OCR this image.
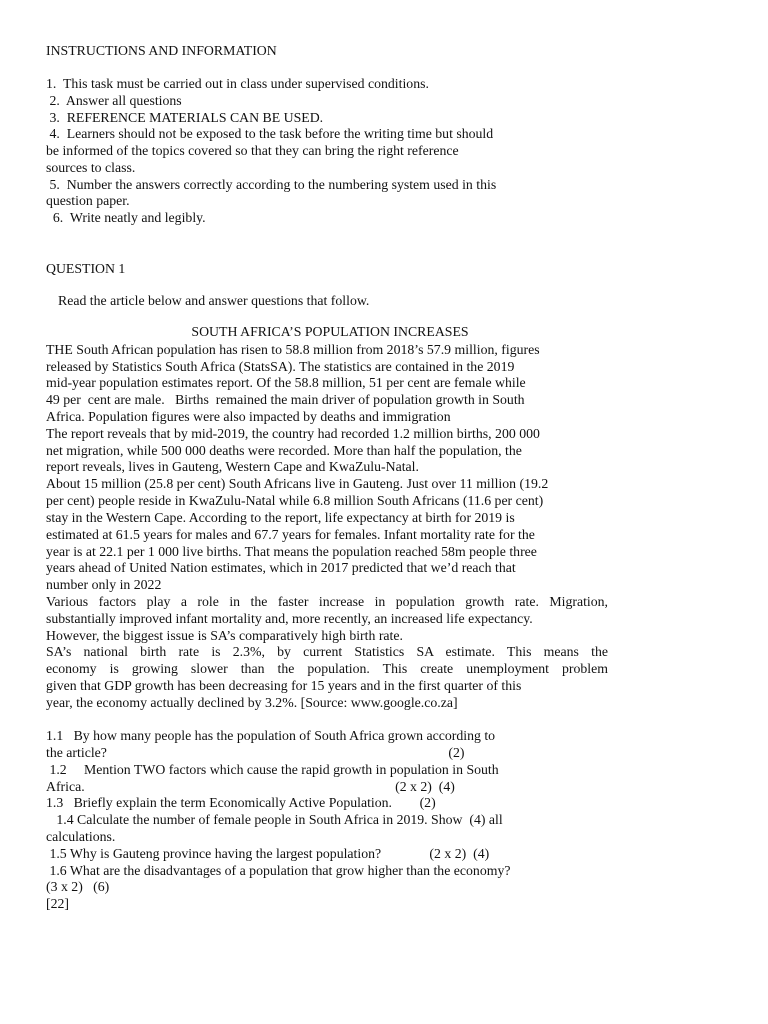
INSTRUCTIONS AND INFORMATION
1.  This task must be carried out in class under supervised conditions.
2.  Answer all questions
3.  REFERENCE MATERIALS CAN BE USED.
4.  Learners should not be exposed to the task before the writing time but should
be informed of the topics covered so that they can bring the right reference
sources to class.
5.  Number the answers correctly according to the numbering system used in this
question paper.
6.  Write neatly and legibly.
QUESTION 1
Read the article below and answer questions that follow.
SOUTH AFRICA’S POPULATION INCREASES
THE South African population has risen to 58.8 million from 2018’s 57.9 million, figures
released by Statistics South Africa (StatsSA). The statistics are contained in the 2019
mid-year population estimates report. Of the 58.8 million, 51 per cent are female while
49 per  cent are male.   Births  remained the main driver of population growth in South
Africa. Population figures were also impacted by deaths and immigration
The report reveals that by mid-2019, the country had recorded 1.2 million births, 200 000
net migration, while 500 000 deaths were recorded. More than half the population, the
report reveals, lives in Gauteng, Western Cape and KwaZulu-Natal.
About 15 million (25.8 per cent) South Africans live in Gauteng. Just over 11 million (19.2
per cent) people reside in KwaZulu-Natal while 6.8 million South Africans (11.6 per cent)
stay in the Western Cape. According to the report, life expectancy at birth for 2019 is
estimated at 61.5 years for males and 67.7 years for females. Infant mortality rate for the
year is at 22.1 per 1 000 live births. That means the population reached 58m people three
years ahead of United Nation estimates, which in 2017 predicted that we’d reach that
number only in 2022
Various factors play a role in the faster increase in population growth rate. Migration,
substantially improved infant mortality and, more recently, an increased life expectancy.
However, the biggest issue is SA’s comparatively high birth rate.
SA’s national birth rate is 2.3%, by current Statistics SA estimate. This means the
economy is growing slower than the population. This create unemployment problem
given that GDP growth has been decreasing for 15 years and in the first quarter of this
year, the economy actually declined by 3.2%. [Source: www.google.co.za]
1.1   By how many people has the population of South Africa grown according to
the article?                                                                                                   (2)
1.2     Mention TWO factors which cause the rapid growth in population in South
Africa.                                                                                          (2 x 2)  (4)
1.3   Briefly explain the term Economically Active Population.        (2)
1.4 Calculate the number of female people in South Africa in 2019. Show  (4) all
calculations.
1.5 Why is Gauteng province having the largest population?              (2 x 2)  (4)
1.6 What are the disadvantages of a population that grow higher than the economy?
(3 x 2)   (6)
[22]
